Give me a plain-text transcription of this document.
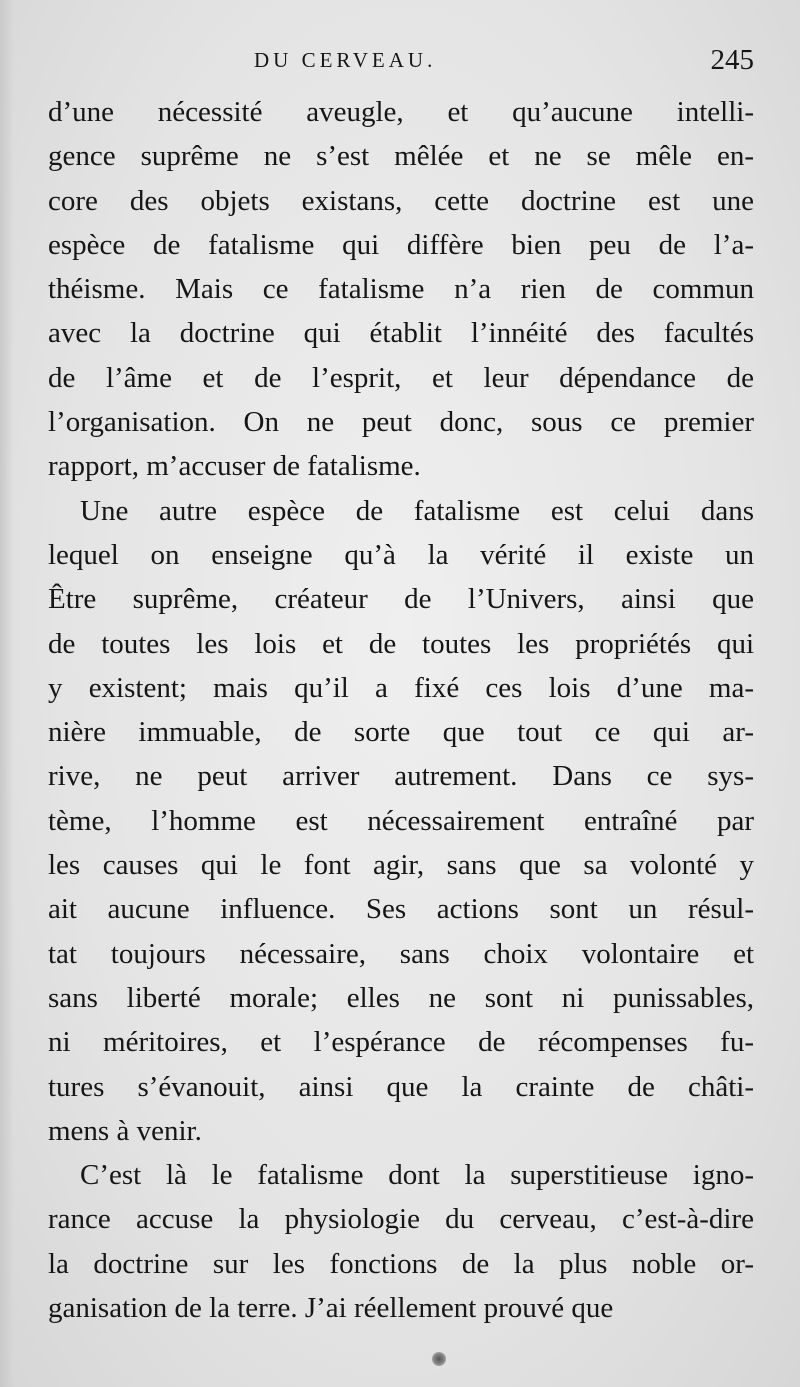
DU CERVEAU.	245
d’une nécessité aveugle, et qu’aucune intelli-
gence suprême ne s’est mêlée et ne se mêle en-
core des objets existans, cette doctrine est une
espèce de fatalisme qui diffère bien peu de l’a-
théisme. Mais ce fatalisme n’a rien de commun
avec la doctrine qui établit l’innéité des facultés
de l’âme et de l’esprit, et leur dépendance de
l’organisation. On ne peut donc, sous ce premier
rapport, m’accuser de fatalisme.
Une autre espèce de fatalisme est celui dans
lequel on enseigne qu’à la vérité il existe un
Être suprême, créateur de l’Univers, ainsi que
de toutes les lois et de toutes les propriétés qui
y existent; mais qu’il a fixé ces lois d’une ma-
nière immuable, de sorte que tout ce qui ar-
rive, ne peut arriver autrement. Dans ce sys-
tème, l’homme est nécessairement entraîné par
les causes qui le font agir, sans que sa volonté y
ait aucune influence. Ses actions sont un résul-
tat toujours nécessaire, sans choix volontaire et
sans liberté morale; elles ne sont ni punissables,
ni méritoires, et l’espérance de récompenses fu-
tures s’évanouit, ainsi que la crainte de châti-
mens à venir.
C’est là le fatalisme dont la superstitieuse igno-
rance accuse la physiologie du cerveau, c’est-à-dire
la doctrine sur les fonctions de la plus noble or-
ganisation de la terre. J’ai réellement prouvé que
